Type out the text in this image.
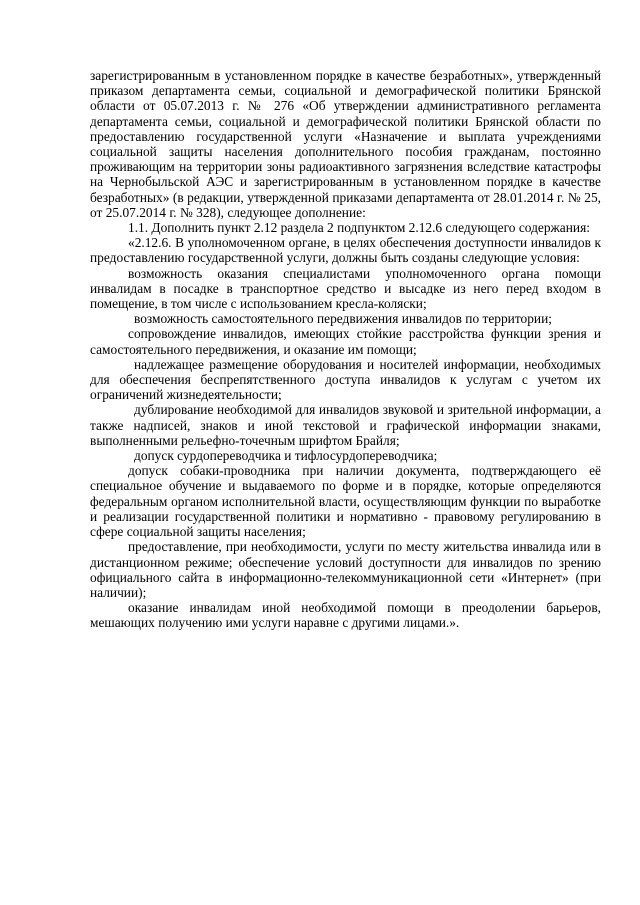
зарегистрированным в установленном порядке в качестве безработных», утвержденный приказом департамента семьи, социальной и демографической политики Брянской области от 05.07.2013 г. № 276 «Об утверждении административного регламента департамента семьи, социальной и демографической политики Брянской области по предоставлению государственной услуги «Назначение и выплата учреждениями социальной защиты населения дополнительного пособия гражданам, постоянно проживающим на территории зоны радиоактивного загрязнения вследствие катастрофы на Чернобыльской АЭС и зарегистрированным в установленном порядке в качестве безработных» (в редакции, утвержденной приказами департамента от 28.01.2014 г. № 25, от 25.07.2014 г. № 328), следующее дополнение:

1.1. Дополнить пункт 2.12 раздела 2 подпунктом 2.12.6 следующего содержания:

«2.12.6. В уполномоченном органе, в целях обеспечения доступности инвалидов к предоставлению государственной услуги, должны быть созданы следующие условия:

возможность оказания специалистами уполномоченного органа помощи инвалидам в посадке в транспортное средство и высадке из него перед входом в помещение, в том числе с использованием кресла-коляски;

возможность самостоятельного передвижения инвалидов по территории;

сопровождение инвалидов, имеющих стойкие расстройства функции зрения и самостоятельного передвижения, и оказание им помощи;

надлежащее размещение оборудования и носителей информации, необходимых для обеспечения беспрепятственного доступа инвалидов к услугам с учетом их ограничений жизнедеятельности;

дублирование необходимой для инвалидов звуковой и зрительной информации, а также надписей, знаков и иной текстовой и графической информации знаками, выполненными рельефно-точечным шрифтом Брайля;

допуск сурдопереводчика и тифлосурдопереводчика;

допуск собаки-проводника при наличии документа, подтверждающего её специальное обучение и выдаваемого по форме и в порядке, которые определяются федеральным органом исполнительной власти, осуществляющим функции по выработке и реализации государственной политики и нормативно - правовому регулированию в сфере социальной защиты населения;

предоставление, при необходимости, услуги по месту жительства инвалида или в дистанционном режиме; обеспечение условий доступности для инвалидов по зрению официального сайта в информационно-телекоммуникационной сети «Интернет» (при наличии);

оказание инвалидам иной необходимой помощи в преодолении барьеров, мешающих получению ими услуги наравне с другими лицами.».
